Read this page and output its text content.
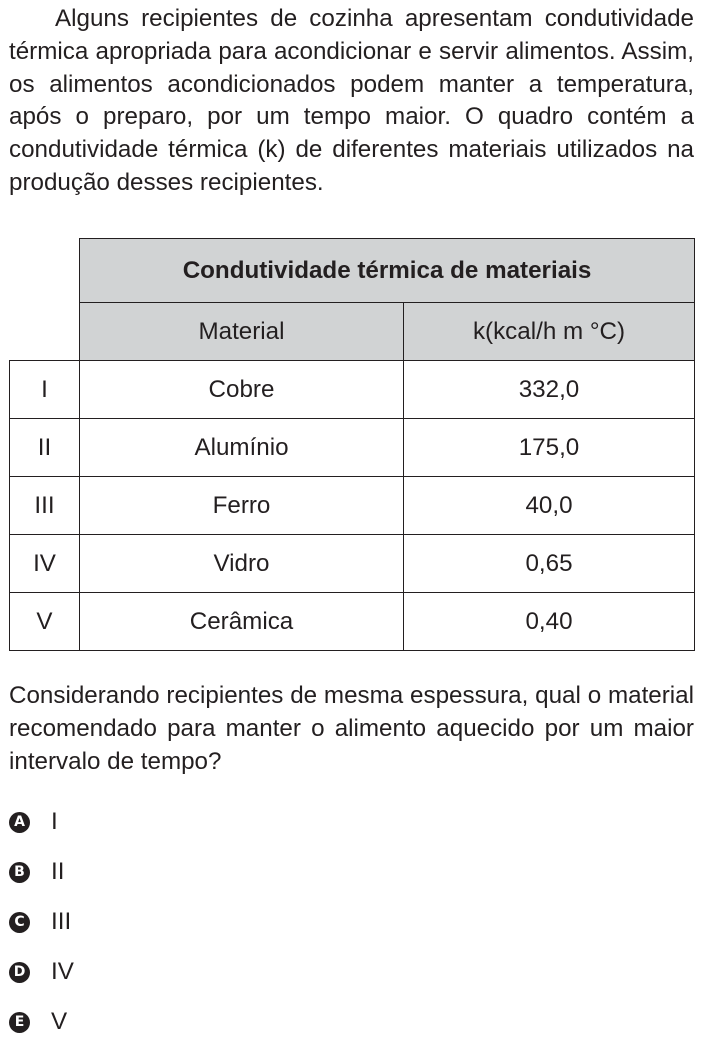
Alguns recipientes de cozinha apresentam condutividade térmica apropriada para acondicionar e servir alimentos. Assim, os alimentos acondicionados podem manter a temperatura, após o preparo, por um tempo maior. O quadro contém a condutividade térmica (k) de diferentes materiais utilizados na produção desses recipientes.

	Condutividade térmica de materiais	
	Material	k(kcal/h m °C)
I	Cobre	332,0
II	Alumínio	175,0
III	Ferro	40,0
IV	Vidro	0,65
V	Cerâmica	0,40

Considerando recipientes de mesma espessura, qual o material recomendado para manter o alimento aquecido por um maior intervalo de tempo?

A I
B II
C III
D IV
E V
